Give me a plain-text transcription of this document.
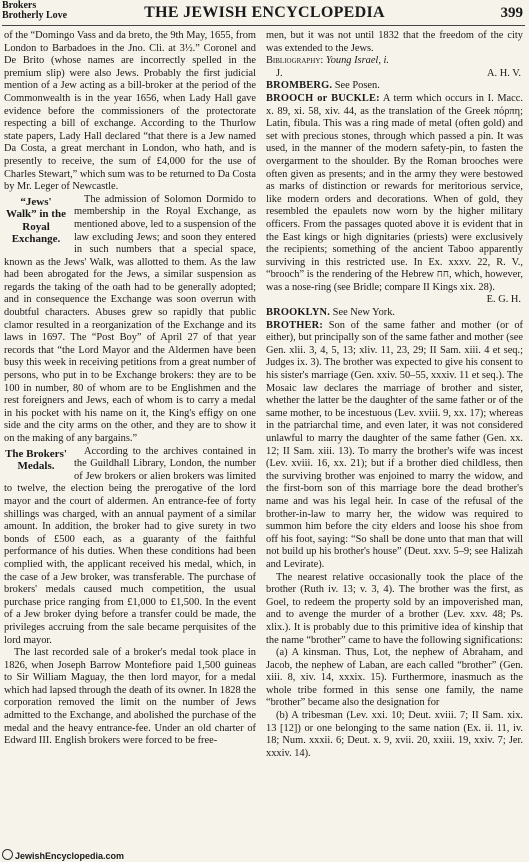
Brokers
Brotherly Love	THE JEWISH ENCYCLOPEDIA	399

of the “Domingo Vass and da breto, the 9th May, 1655, from London to Barbadoes in the Jno. Cli. at 3½.” Coronel and De Brito (whose names are incorrectly spelled in the premium slip) were also Jews. Probably the first judicial mention of a Jew acting as a bill-broker at the period of the Commonwealth is in the year 1656, when Lady Hall gave evidence before the commissioners of the protectorate respecting a bill of exchange. According to the Thurlow state papers, Lady Hall declared “that there is a Jew named Da Costa, a great merchant in London, who hath, and is presently to receive, the sum of £4,000 for the use of Charles Stewart,” which sum was to be returned to Da Costa by Mr. Leger of Newcastle.

“Jews' Walk” in the Royal Exchange.
The admission of Solomon Dormido to membership in the Royal Exchange, as mentioned above, led to a suspension of the law excluding Jews; and soon they entered in such numbers that a special space, known as the Jews' Walk, was allotted to them. As the law had been abrogated for the Jews, a similar suspension as regards the taking of the oath had to be generally adopted; and in consequence the Exchange was soon overrun with doubtful characters. Abuses grew so rapidly that public clamor resulted in a reorganization of the Exchange and its laws in 1697. The “Post Boy” of April 27 of that year records that “the Lord Mayor and the Aldermen have been busy this week in receiving petitions from a great number of persons, who put in to be Exchange brokers: they are to be 100 in number, 80 of whom are to be Englishmen and the rest foreigners and Jews, each of whom is to carry a medal in his pocket with his name on it, the King's effigy on one side and the city arms on the other, and they are to show it on the making of any bargains.”

The Brokers' Medals.
According to the archives contained in the Guildhall Library, London, the number of Jew brokers or alien brokers was limited to twelve, the election being the prerogative of the lord mayor and the court of aldermen. An entrance-fee of forty shillings was charged, with an annual payment of a similar amount. In addition, the broker had to give surety in two bonds of £500 each, as a guaranty of the faithful performance of his duties. When these conditions had been complied with, the applicant received his medal, which, in the case of a Jew broker, was transferable. The purchase of brokers' medals caused much competition, the usual purchase price ranging from £1,000 to £1,500. In the event of a Jew broker dying before a transfer could be made, the privileges accruing from the sale became perquisites of the lord mayor.

The last recorded sale of a broker's medal took place in 1826, when Joseph Barrow Montefiore paid 1,500 guineas to Sir William Maguay, the then lord mayor, for a medal which had lapsed through the death of its owner. In 1828 the corporation removed the limit on the number of Jews admitted to the Exchange, and abolished the purchase of the medal and the heavy entrance-fee. Under an old charter of Edward III. English brokers were forced to be free-

men, but it was not until 1832 that the freedom of the city was extended to the Jews.

Bibliography: Young Israel, i.

J.	A. H. V.

BROMBERG. See Posen.

BROOCH or BUCKLE: A term which occurs in I. Macc. x. 89, xi. 58, xiv. 44, as the translation of the Greek πόρπη; Latin, fibula. This was a ring made of metal (often gold) and set with precious stones, through which passed a pin. It was used, in the manner of the modern safety-pin, to fasten the overgarment to the shoulder. By the Roman brooches were often given as presents; and in the army they were bestowed as marks of distinction or rewards for meritorious service, like modern orders and decorations. When of gold, they resembled the epaulets now worn by the higher military officers. From the passages quoted above it is evident that in the East kings or high dignitaries (priests) were exclusively the recipients; something of the ancient Taboo apparently surviving in this restricted use. In Ex. xxxv. 22, R. V., “brooch” is the rendering of the Hebrew חח, which, however, was a nose-ring (see Bridle; compare II Kings xix. 28).

E. G. H.

BROOKLYN. See New York.

BROTHER: Son of the same father and mother (or of either), but principally son of the same father and mother (see Gen. xlii. 3, 4, 5, 13; xliv. 11, 23, 29; II Sam. xiii. 4 et seq.; Judges ix. 3). The brother was expected to give his consent to his sister's marriage (Gen. xxiv. 50–55, xxxiv. 11 et seq.). The Mosaic law declares the marriage of brother and sister, whether the latter be the daughter of the same father or of the same mother, to be incestuous (Lev. xviii. 9, xx. 17); whereas in the patriarchal time, and even later, it was not considered unlawful to marry the daughter of the same father (Gen. xx. 12; II Sam. xiii. 13). To marry the brother's wife was incest (Lev. xviii. 16, xx. 21); but if a brother died childless, then the surviving brother was enjoined to marry the widow, and the first-born son of this marriage bore the dead brother's name and was his legal heir. In case of the refusal of the brother-in-law to marry her, the widow was required to summon him before the city elders and loose his shoe from off his foot, saying: “So shall be done unto that man that will not build up his brother's house” (Deut. xxv. 5–9; see Halizah and Levirate).

The nearest relative occasionally took the place of the brother (Ruth iv. 13; v. 3, 4). The brother was the first, as Goel, to redeem the property sold by an impoverished man, and to avenge the murder of a brother (Lev. xxv. 48; Ps. xlix.). It is probably due to this primitive idea of kinship that the name “brother” came to have the following significations:

(a) A kinsman. Thus, Lot, the nephew of Abraham, and Jacob, the nephew of Laban, are each called “brother” (Gen. xiii. 8, xiv. 14, xxxix. 15). Furthermore, inasmuch as the whole tribe formed in this sense one family, the name “brother” became also the designation for

(b) A tribesman (Lev. xxi. 10; Deut. xviii. 7; II Sam. xix. 13 [12]) or one belonging to the same nation (Ex. ii. 11, iv. 18; Num. xxxii. 6; Deut. x. 9, xvii. 20, xxiii. 19, xxiv. 7; Jer. xxxiv. 14).

JewishEncyclopedia.com
